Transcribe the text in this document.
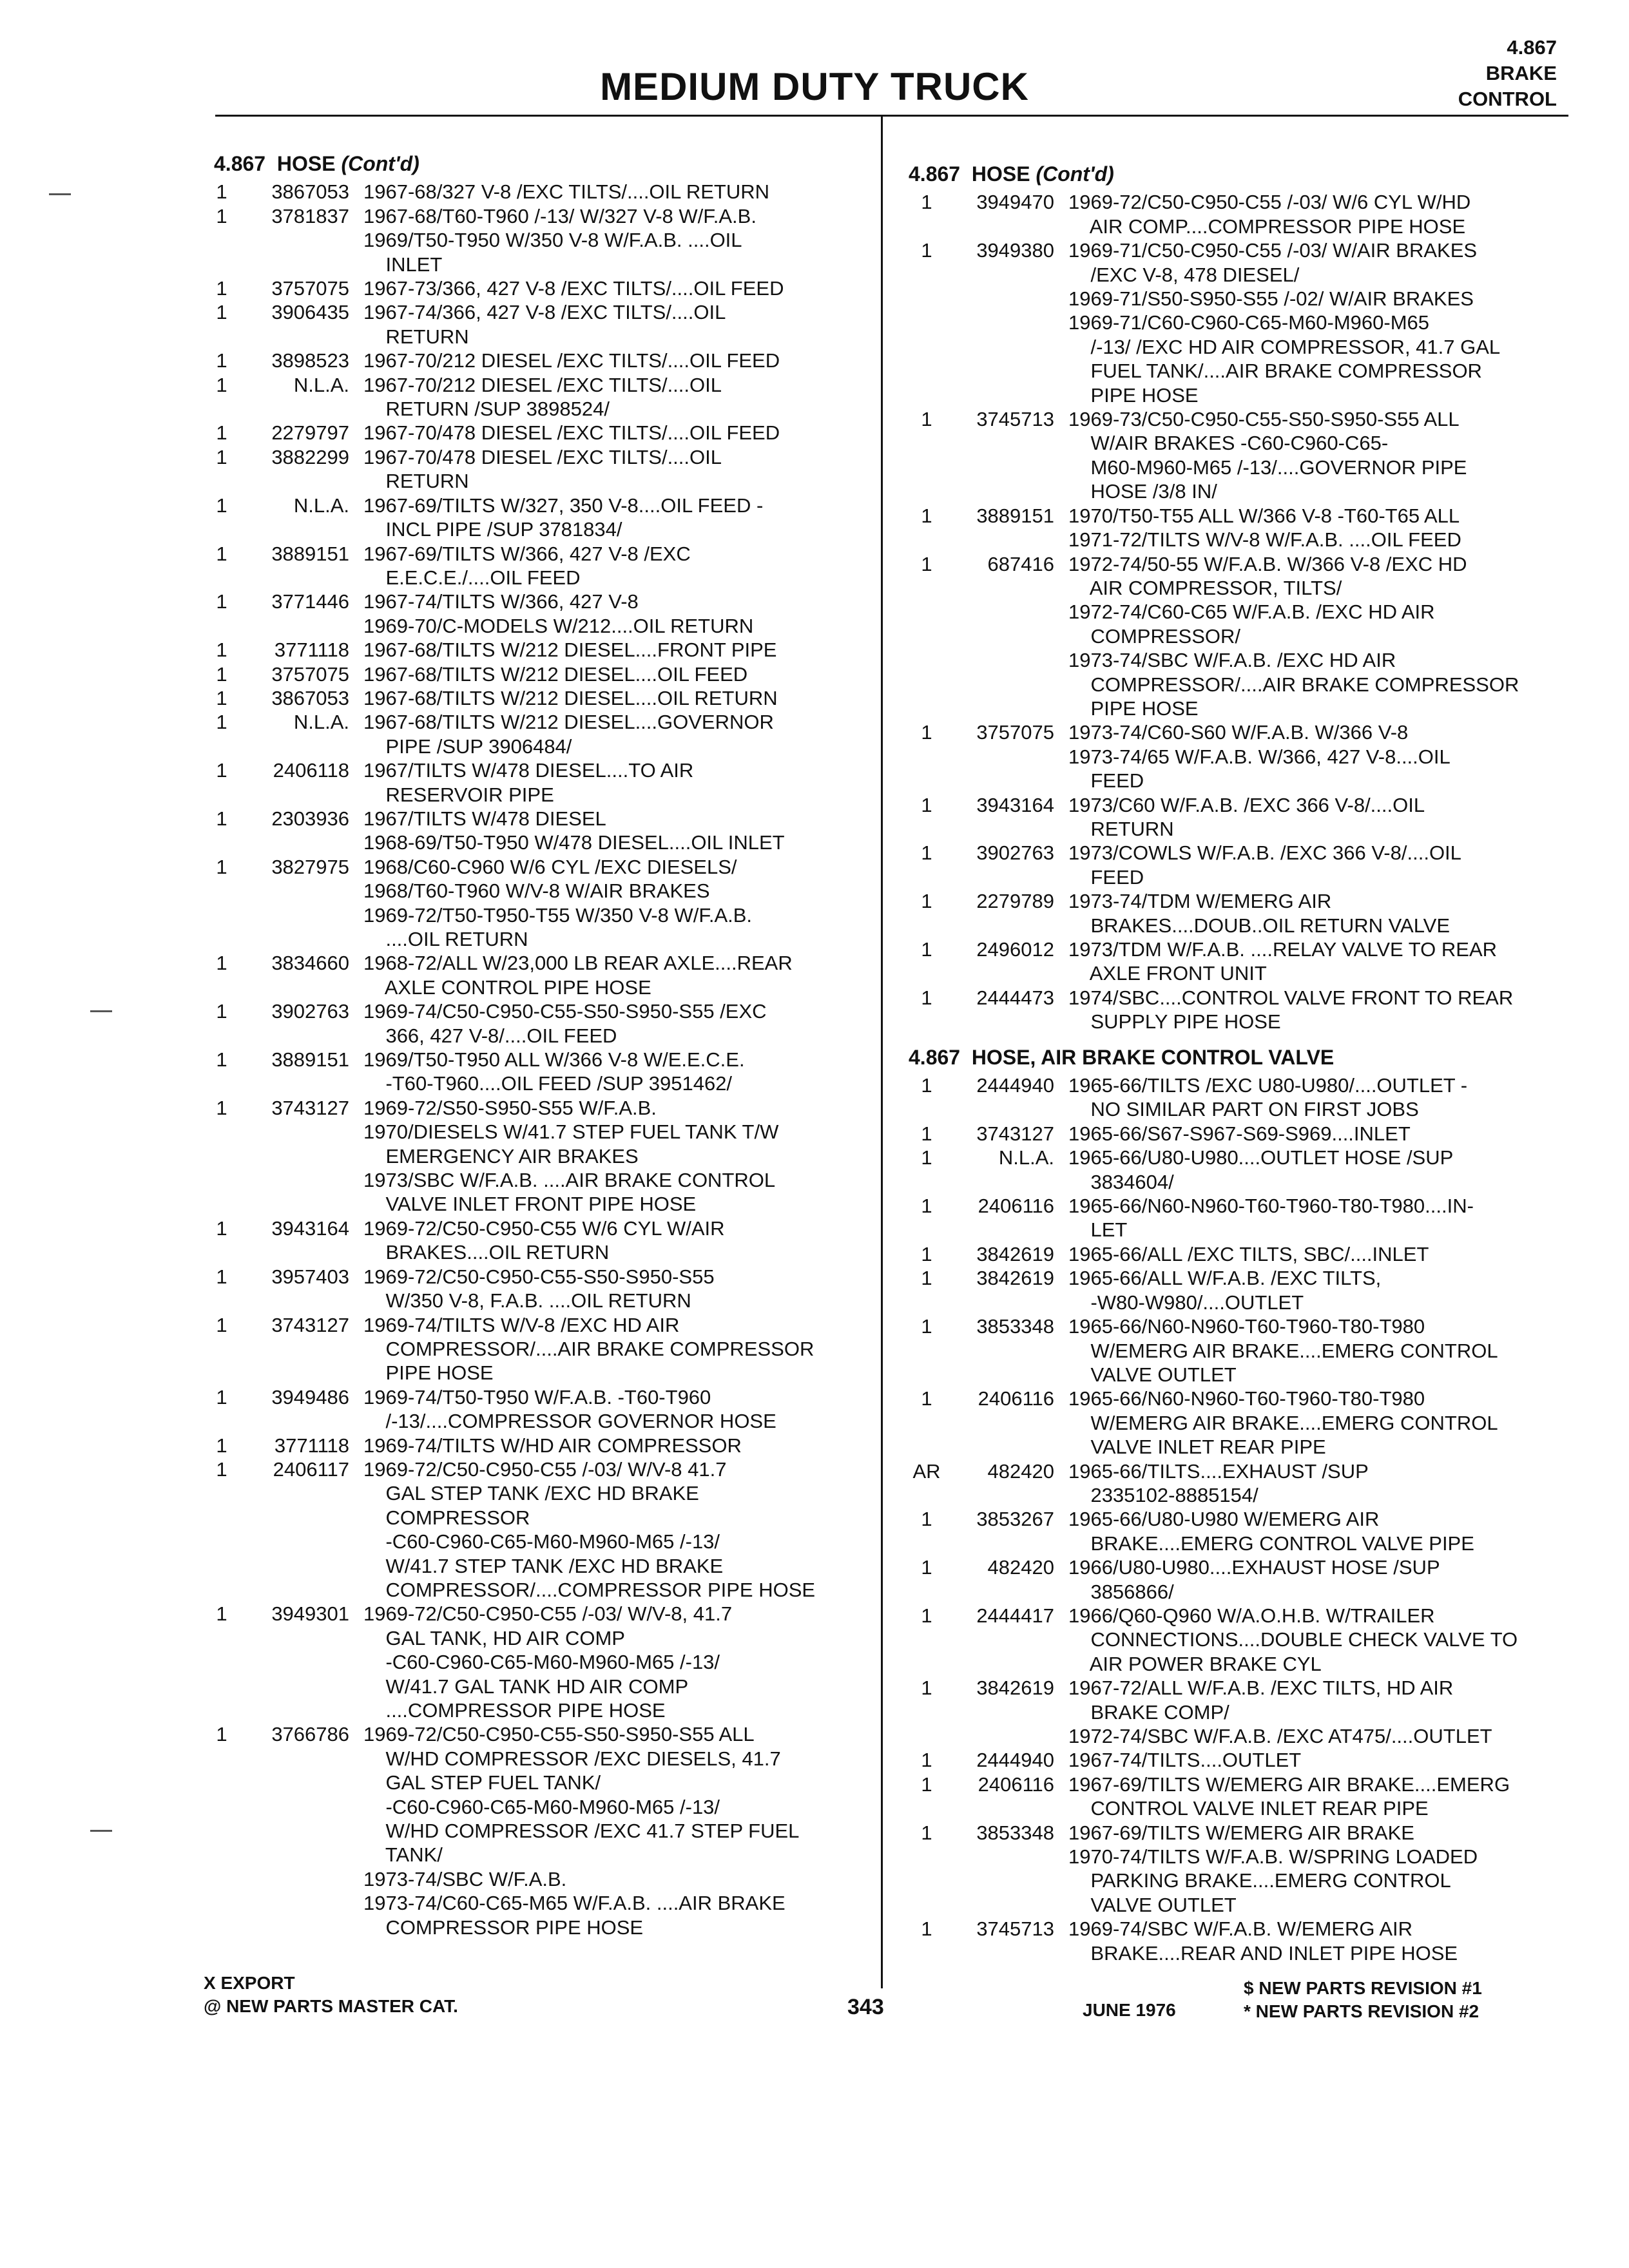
MEDIUM DUTY TRUCK
4.867
BRAKE
CONTROL
4.867 HOSE (Cont'd)
1	3867053 1967-68/327 V-8 /EXC TILTS/....OIL RETURN
1	3781837 1967-68/T60-T960 /-13/ W/327 V-8 W/F.A.B.
1969/T50-T950 W/350 V-8 W/F.A.B. ....OIL
INLET
1	3757075 1967-73/366, 427 V-8 /EXC TILTS/....OIL FEED
1	3906435 1967-74/366, 427 V-8 /EXC TILTS/....OIL
RETURN
1	3898523 1967-70/212 DIESEL /EXC TILTS/....OIL FEED
1	N.L.A. 1967-70/212 DIESEL /EXC TILTS/....OIL
RETURN /SUP 3898524/
1	2279797 1967-70/478 DIESEL /EXC TILTS/....OIL FEED
1	3882299 1967-70/478 DIESEL /EXC TILTS/....OIL
RETURN
1	N.L.A. 1967-69/TILTS W/327, 350 V-8....OIL FEED -
INCL PIPE /SUP 3781834/
1	3889151 1967-69/TILTS W/366, 427 V-8 /EXC
E.E.C.E./....OIL FEED
1	3771446 1967-74/TILTS W/366, 427 V-8
1969-70/C-MODELS W/212....OIL RETURN
1	3771118 1967-68/TILTS W/212 DIESEL....FRONT PIPE
1	3757075 1967-68/TILTS W/212 DIESEL....OIL FEED
1	3867053 1967-68/TILTS W/212 DIESEL....OIL RETURN
1	N.L.A. 1967-68/TILTS W/212 DIESEL....GOVERNOR
PIPE /SUP 3906484/
1	2406118 1967/TILTS W/478 DIESEL....TO AIR
RESERVOIR PIPE
1	2303936 1967/TILTS W/478 DIESEL
1968-69/T50-T950 W/478 DIESEL....OIL INLET
1	3827975 1968/C60-C960 W/6 CYL /EXC DIESELS/
1968/T60-T960 W/V-8 W/AIR BRAKES
1969-72/T50-T950-T55 W/350 V-8 W/F.A.B.
....OIL RETURN
1	3834660 1968-72/ALL W/23,000 LB REAR AXLE....REAR
AXLE CONTROL PIPE HOSE
1	3902763 1969-74/C50-C950-C55-S50-S950-S55 /EXC
366, 427 V-8/....OIL FEED
1	3889151 1969/T50-T950 ALL W/366 V-8 W/E.E.C.E.
-T60-T960....OIL FEED /SUP 3951462/
1	3743127 1969-72/S50-S950-S55 W/F.A.B.
1970/DIESELS W/41.7 STEP FUEL TANK T/W
EMERGENCY AIR BRAKES
1973/SBC W/F.A.B. ....AIR BRAKE CONTROL
VALVE INLET FRONT PIPE HOSE
1	3943164 1969-72/C50-C950-C55 W/6 CYL W/AIR
BRAKES....OIL RETURN
1	3957403 1969-72/C50-C950-C55-S50-S950-S55
W/350 V-8, F.A.B. ....OIL RETURN
1	3743127 1969-74/TILTS W/V-8 /EXC HD AIR
COMPRESSOR/....AIR BRAKE COMPRESSOR
PIPE HOSE
1	3949486 1969-74/T50-T950 W/F.A.B. -T60-T960
/-13/....COMPRESSOR GOVERNOR HOSE
1	3771118 1969-74/TILTS W/HD AIR COMPRESSOR
1	2406117 1969-72/C50-C950-C55 /-03/ W/V-8 41.7
GAL STEP TANK /EXC HD BRAKE
COMPRESSOR
-C60-C960-C65-M60-M960-M65 /-13/
W/41.7 STEP TANK /EXC HD BRAKE
COMPRESSOR/....COMPRESSOR PIPE HOSE
1	3949301 1969-72/C50-C950-C55 /-03/ W/V-8, 41.7
GAL TANK, HD AIR COMP
-C60-C960-C65-M60-M960-M65 /-13/
W/41.7 GAL TANK HD AIR COMP
....COMPRESSOR PIPE HOSE
1	3766786 1969-72/C50-C950-C55-S50-S950-S55 ALL
W/HD COMPRESSOR /EXC DIESELS, 41.7
GAL STEP FUEL TANK/
-C60-C960-C65-M60-M960-M65 /-13/
W/HD COMPRESSOR /EXC 41.7 STEP FUEL
TANK/
1973-74/SBC W/F.A.B.
1973-74/C60-C65-M65 W/F.A.B. ....AIR BRAKE
COMPRESSOR PIPE HOSE
4.867 HOSE (Cont'd)
1	3949470 1969-72/C50-C950-C55 /-03/ W/6 CYL W/HD
AIR COMP....COMPRESSOR PIPE HOSE
1	3949380 1969-71/C50-C950-C55 /-03/ W/AIR BRAKES
/EXC V-8, 478 DIESEL/
1969-71/S50-S950-S55 /-02/ W/AIR BRAKES
1969-71/C60-C960-C65-M60-M960-M65
/-13/ /EXC HD AIR COMPRESSOR, 41.7 GAL
FUEL TANK/....AIR BRAKE COMPRESSOR
PIPE HOSE
1	3745713 1969-73/C50-C950-C55-S50-S950-S55 ALL
W/AIR BRAKES -C60-C960-C65-
M60-M960-M65 /-13/....GOVERNOR PIPE
HOSE /3/8 IN/
1	3889151 1970/T50-T55 ALL W/366 V-8 -T60-T65 ALL
1971-72/TILTS W/V-8 W/F.A.B. ....OIL FEED
1	687416 1972-74/50-55 W/F.A.B. W/366 V-8 /EXC HD
AIR COMPRESSOR, TILTS/
1972-74/C60-C65 W/F.A.B. /EXC HD AIR
COMPRESSOR/
1973-74/SBC W/F.A.B. /EXC HD AIR
COMPRESSOR/....AIR BRAKE COMPRESSOR
PIPE HOSE
1	3757075 1973-74/C60-S60 W/F.A.B. W/366 V-8
1973-74/65 W/F.A.B. W/366, 427 V-8....OIL
FEED
1	3943164 1973/C60 W/F.A.B. /EXC 366 V-8/....OIL
RETURN
1	3902763 1973/COWLS W/F.A.B. /EXC 366 V-8/....OIL
FEED
1	2279789 1973-74/TDM W/EMERG AIR
BRAKES....DOUB..OIL RETURN VALVE
1	2496012 1973/TDM W/F.A.B. ....RELAY VALVE TO REAR
AXLE FRONT UNIT
1	2444473 1974/SBC....CONTROL VALVE FRONT TO REAR
SUPPLY PIPE HOSE
4.867 HOSE, AIR BRAKE CONTROL VALVE
1	2444940 1965-66/TILTS /EXC U80-U980/....OUTLET -
NO SIMILAR PART ON FIRST JOBS
1	3743127 1965-66/S67-S967-S69-S969....INLET
1	N.L.A. 1965-66/U80-U980....OUTLET HOSE /SUP
3834604/
1	2406116 1965-66/N60-N960-T60-T960-T80-T980....IN-
LET
1	3842619 1965-66/ALL /EXC TILTS, SBC/....INLET
1	3842619 1965-66/ALL W/F.A.B. /EXC TILTS,
-W80-W980/....OUTLET
1	3853348 1965-66/N60-N960-T60-T960-T80-T980
W/EMERG AIR BRAKE....EMERG CONTROL
VALVE OUTLET
1	2406116 1965-66/N60-N960-T60-T960-T80-T980
W/EMERG AIR BRAKE....EMERG CONTROL
VALVE INLET REAR PIPE
AR	482420 1965-66/TILTS....EXHAUST /SUP
2335102-8885154/
1	3853267 1965-66/U80-U980 W/EMERG AIR
BRAKE....EMERG CONTROL VALVE PIPE
1	482420 1966/U80-U980....EXHAUST HOSE /SUP
3856866/
1	2444417 1966/Q60-Q960 W/A.O.H.B. W/TRAILER
CONNECTIONS....DOUBLE CHECK VALVE TO
AIR POWER BRAKE CYL
1	3842619 1967-72/ALL W/F.A.B. /EXC TILTS, HD AIR
BRAKE COMP/
1972-74/SBC W/F.A.B. /EXC AT475/....OUTLET
1	2444940 1967-74/TILTS....OUTLET
1	2406116 1967-69/TILTS W/EMERG AIR BRAKE....EMERG
CONTROL VALVE INLET REAR PIPE
1	3853348 1967-69/TILTS W/EMERG AIR BRAKE
1970-74/TILTS W/F.A.B. W/SPRING LOADED
PARKING BRAKE....EMERG CONTROL
VALVE OUTLET
1	3745713 1969-74/SBC W/F.A.B. W/EMERG AIR
BRAKE....REAR AND INLET PIPE HOSE
X EXPORT
@ NEW PARTS MASTER CAT.	343	JUNE 1976
$ NEW PARTS REVISION #1
* NEW PARTS REVISION #2
